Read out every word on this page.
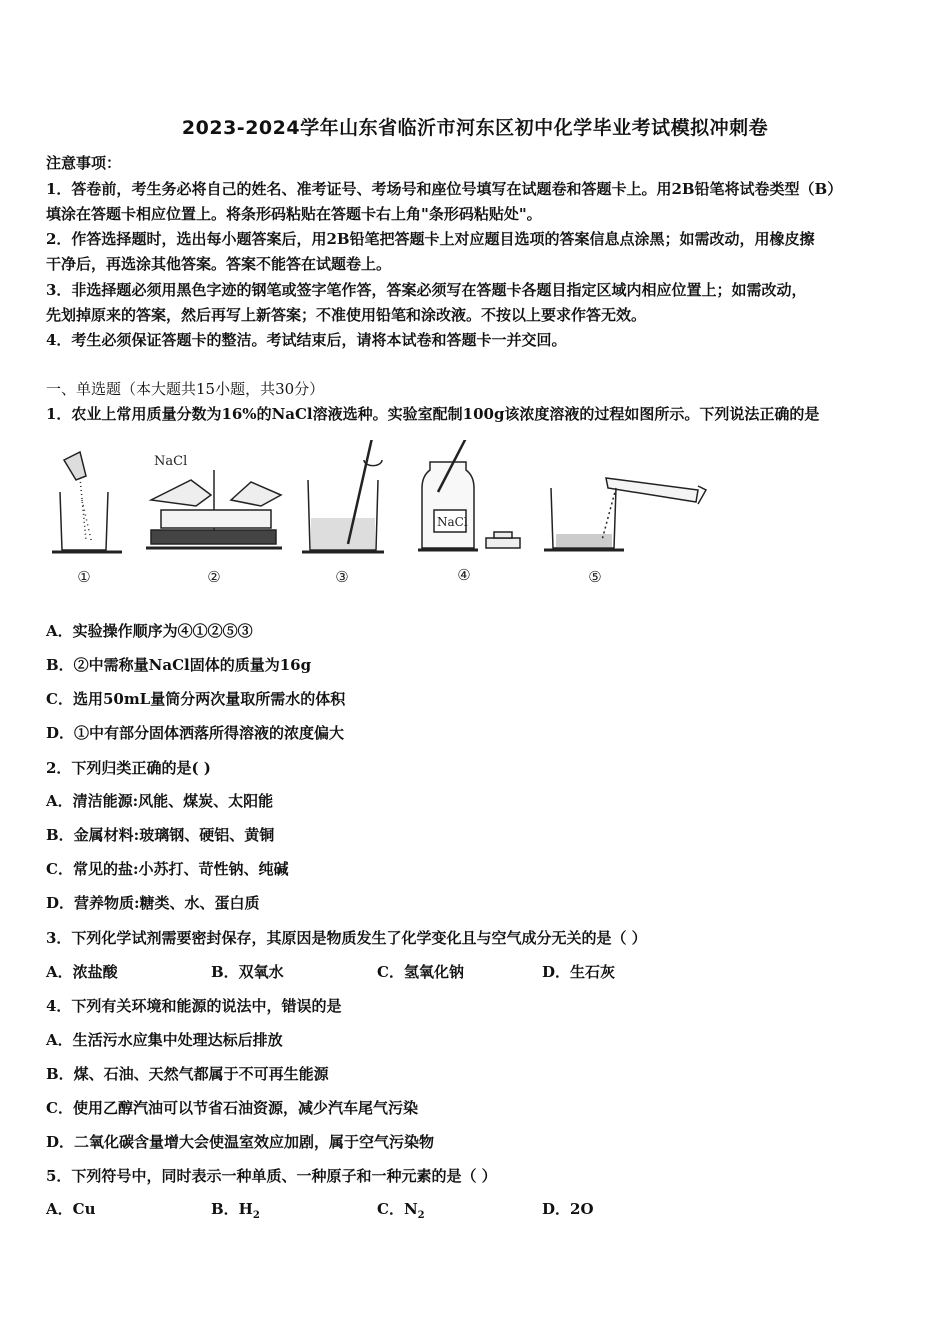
2023-2024学年山东省临沂市河东区初中化学毕业考试模拟冲刺卷
注意事项：
1．答卷前，考生务必将自己的姓名、准考证号、考场号和座位号填写在试题卷和答题卡上。用2B铅笔将试卷类型（B）
填涂在答题卡相应位置上。将条形码粘贴在答题卡右上角"条形码粘贴处"。
2．作答选择题时，选出每小题答案后，用2B铅笔把答题卡上对应题目选项的答案信息点涂黑；如需改动，用橡皮擦
干净后，再选涂其他答案。答案不能答在试题卷上。
3．非选择题必须用黑色字迹的钢笔或签字笔作答，答案必须写在答题卡各题目指定区域内相应位置上；如需改动，
先划掉原来的答案，然后再写上新答案；不准使用铅笔和涂改液。不按以上要求作答无效。
4．考生必须保证答题卡的整洁。考试结束后，请将本试卷和答题卡一并交回。
一、单选题（本大题共15小题，共30分）
1．农业上常用质量分数为16%的NaCl溶液选种。实验室配制100g该浓度溶液的过程如图所示。下列说法正确的是
NaCl
NaCl
①	②	③	④	⑤
A．实验操作顺序为④①②⑤③
B．②中需称量NaCl固体的质量为16g
C．选用50mL量筒分两次量取所需水的体积
D．①中有部分固体洒落所得溶液的浓度偏大
2．下列归类正确的是( )
A．清洁能源:风能、煤炭、太阳能
B．金属材料:玻璃钢、硬铝、黄铜
C．常见的盐:小苏打、苛性钠、纯碱
D．营养物质:糖类、水、蛋白质
3．下列化学试剂需要密封保存，其原因是物质发生了化学变化且与空气成分无关的是（ ）
A．浓盐酸	B．双氧水	C．氢氧化钠	D．生石灰
4．下列有关环境和能源的说法中，错误的是
A．生活污水应集中处理达标后排放
B．煤、石油、天然气都属于不可再生能源
C．使用乙醇汽油可以节省石油资源，减少汽车尾气污染
D．二氧化碳含量增大会使温室效应加剧，属于空气污染物
5．下列符号中，同时表示一种单质、一种原子和一种元素的是（ ）
A．Cu	B．$H_2$	C．$N_2$	D．2O
